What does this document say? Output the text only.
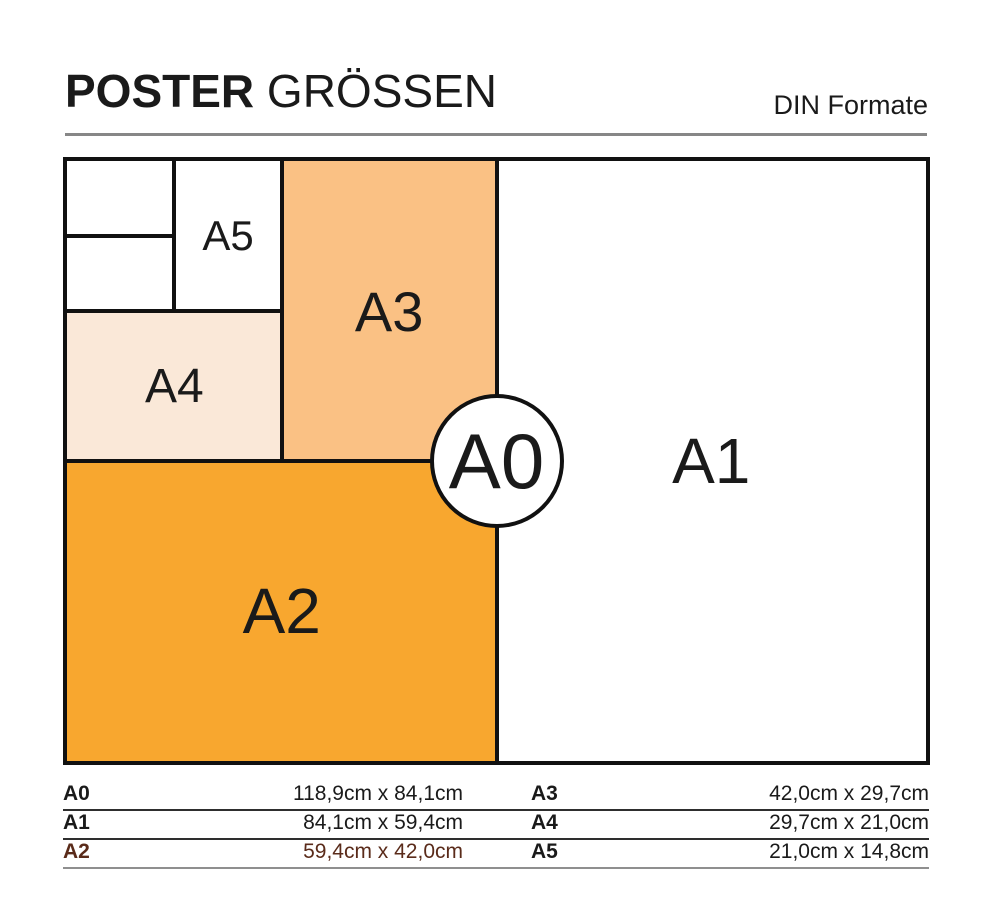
POSTER GRÖSSEN	DIN Formate
A5
A4
A3
A2
A1
A0
A0	118,9cm x 84,1cm	A3	42,0cm x 29,7cm
A1	84,1cm x 59,4cm	A4	29,7cm x 21,0cm
A2	59,4cm x 42,0cm	A5	21,0cm x 14,8cm
